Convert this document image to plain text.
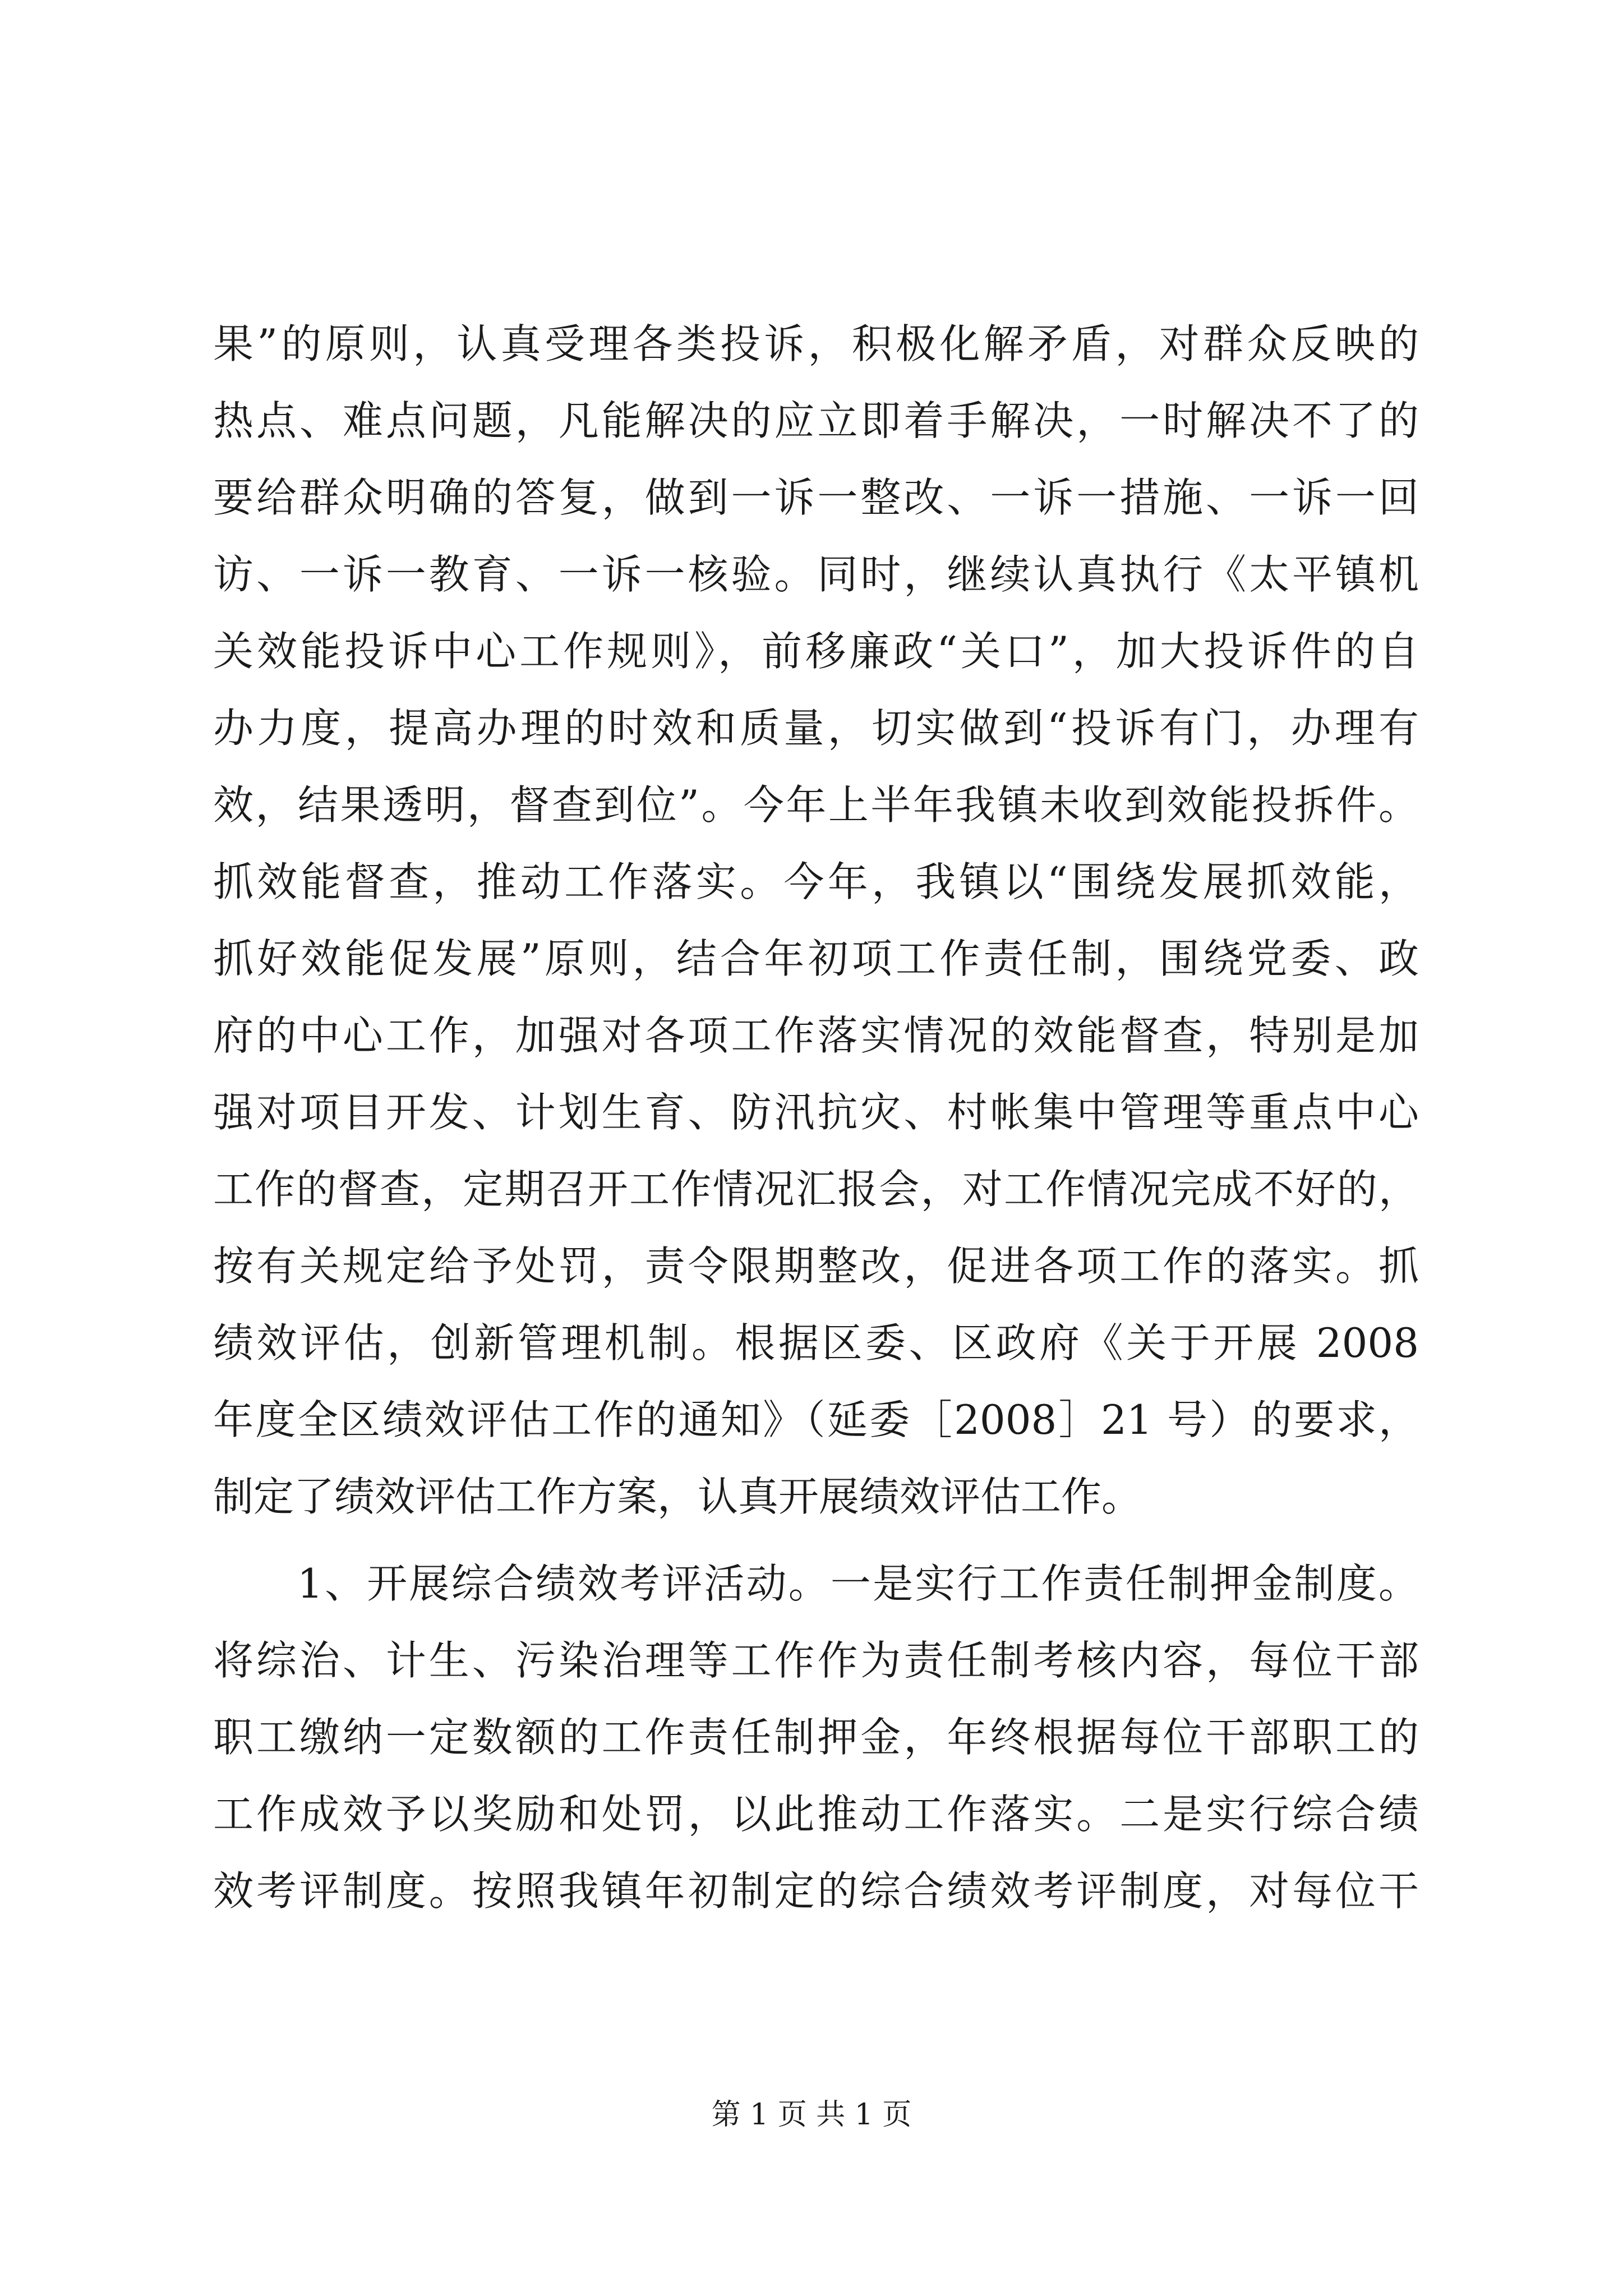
果”的原则，认真受理各类投诉，积极化解矛盾，对群众反映的
热点、难点问题，凡能解决的应立即着手解决，一时解决不了的
要给群众明确的答复，做到一诉一整改、一诉一措施、一诉一回
访、一诉一教育、一诉一核验。同时，继续认真执行《太平镇机
关效能投诉中心工作规则》，前移廉政“关口”，加大投诉件的自
办力度，提高办理的时效和质量，切实做到“投诉有门，办理有
效，结果透明，督查到位”。今年上半年我镇未收到效能投拆件。
抓效能督查，推动工作落实。今年，我镇以“围绕发展抓效能，
抓好效能促发展”原则，结合年初项工作责任制，围绕党委、政
府的中心工作，加强对各项工作落实情况的效能督查，特别是加
强对项目开发、计划生育、防汛抗灾、村帐集中管理等重点中心
工作的督查，定期召开工作情况汇报会，对工作情况完成不好的，
按有关规定给予处罚，责令限期整改，促进各项工作的落实。抓
绩效评估，创新管理机制。根据区委、区政府《关于开展 2008
年度全区绩效评估工作的通知》（延委［2008］21 号）的要求，
制定了绩效评估工作方案，认真开展绩效评估工作。
1、开展综合绩效考评活动。一是实行工作责任制押金制度。
将综治、计生、污染治理等工作作为责任制考核内容，每位干部
职工缴纳一定数额的工作责任制押金，年终根据每位干部职工的
工作成效予以奖励和处罚，以此推动工作落实。二是实行综合绩
效考评制度。按照我镇年初制定的综合绩效考评制度，对每位干
第 1 页 共 1 页
